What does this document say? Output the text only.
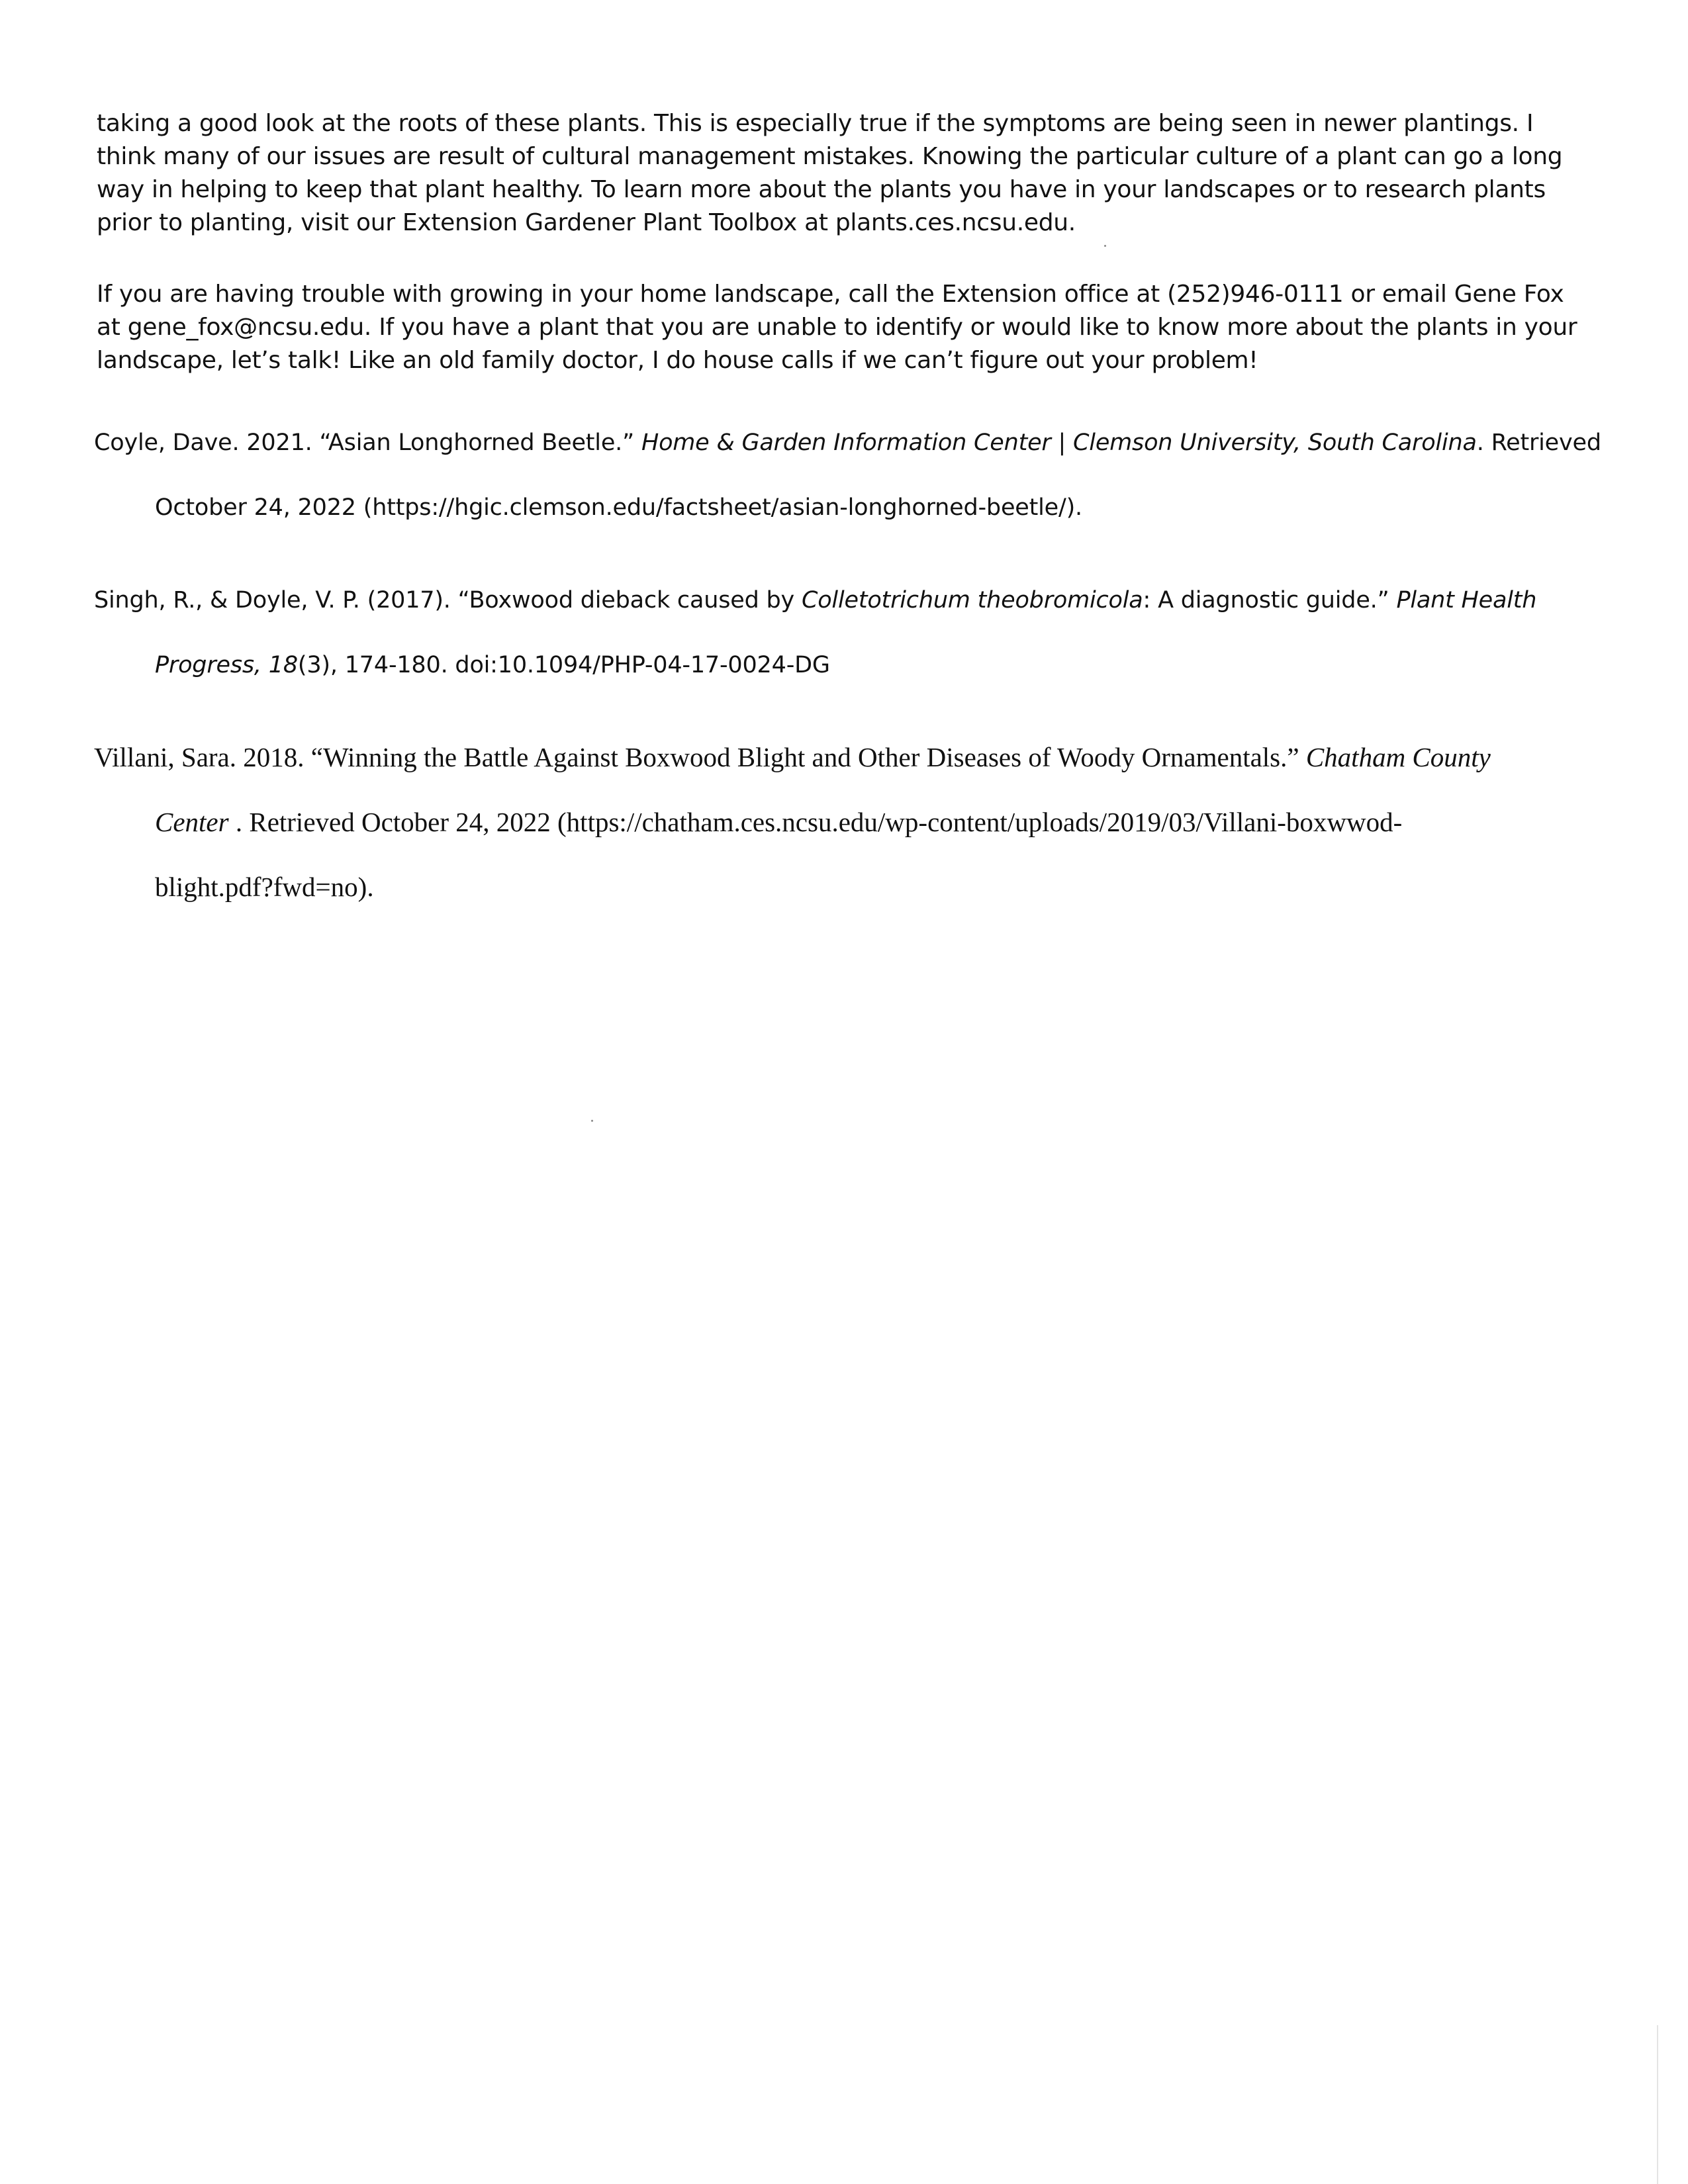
taking a good look at the roots of these plants. This is especially true if the symptoms are being seen in newer plantings. I think many of our issues are result of cultural management mistakes. Knowing the particular culture of a plant can go a long way in helping to keep that plant healthy. To learn more about the plants you have in your landscapes or to research plants prior to planting, visit our Extension Gardener Plant Toolbox at plants.ces.ncsu.edu.

If you are having trouble with growing in your home landscape, call the Extension office at (252)946-0111 or email Gene Fox at gene_fox@ncsu.edu. If you have a plant that you are unable to identify or would like to know more about the plants in your landscape, let’s talk! Like an old family doctor, I do house calls if we can’t figure out your problem!

Coyle, Dave. 2021. “Asian Longhorned Beetle.” Home & Garden Information Center | Clemson University, South Carolina. Retrieved
October 24, 2022 (https://hgic.clemson.edu/factsheet/asian-longhorned-beetle/).
Singh, R., & Doyle, V. P. (2017). “Boxwood dieback caused by Colletotrichum theobromicola: A diagnostic guide.” Plant Health
Progress, 18(3), 174-180. doi:10.1094/PHP-04-17-0024-DG
Villani, Sara. 2018. “Winning the Battle Against Boxwood Blight and Other Diseases of Woody Ornamentals.” Chatham County
Center . Retrieved October 24, 2022 (https://chatham.ces.ncsu.edu/wp-content/uploads/2019/03/Villani-boxwwod-
blight.pdf?fwd=no).
